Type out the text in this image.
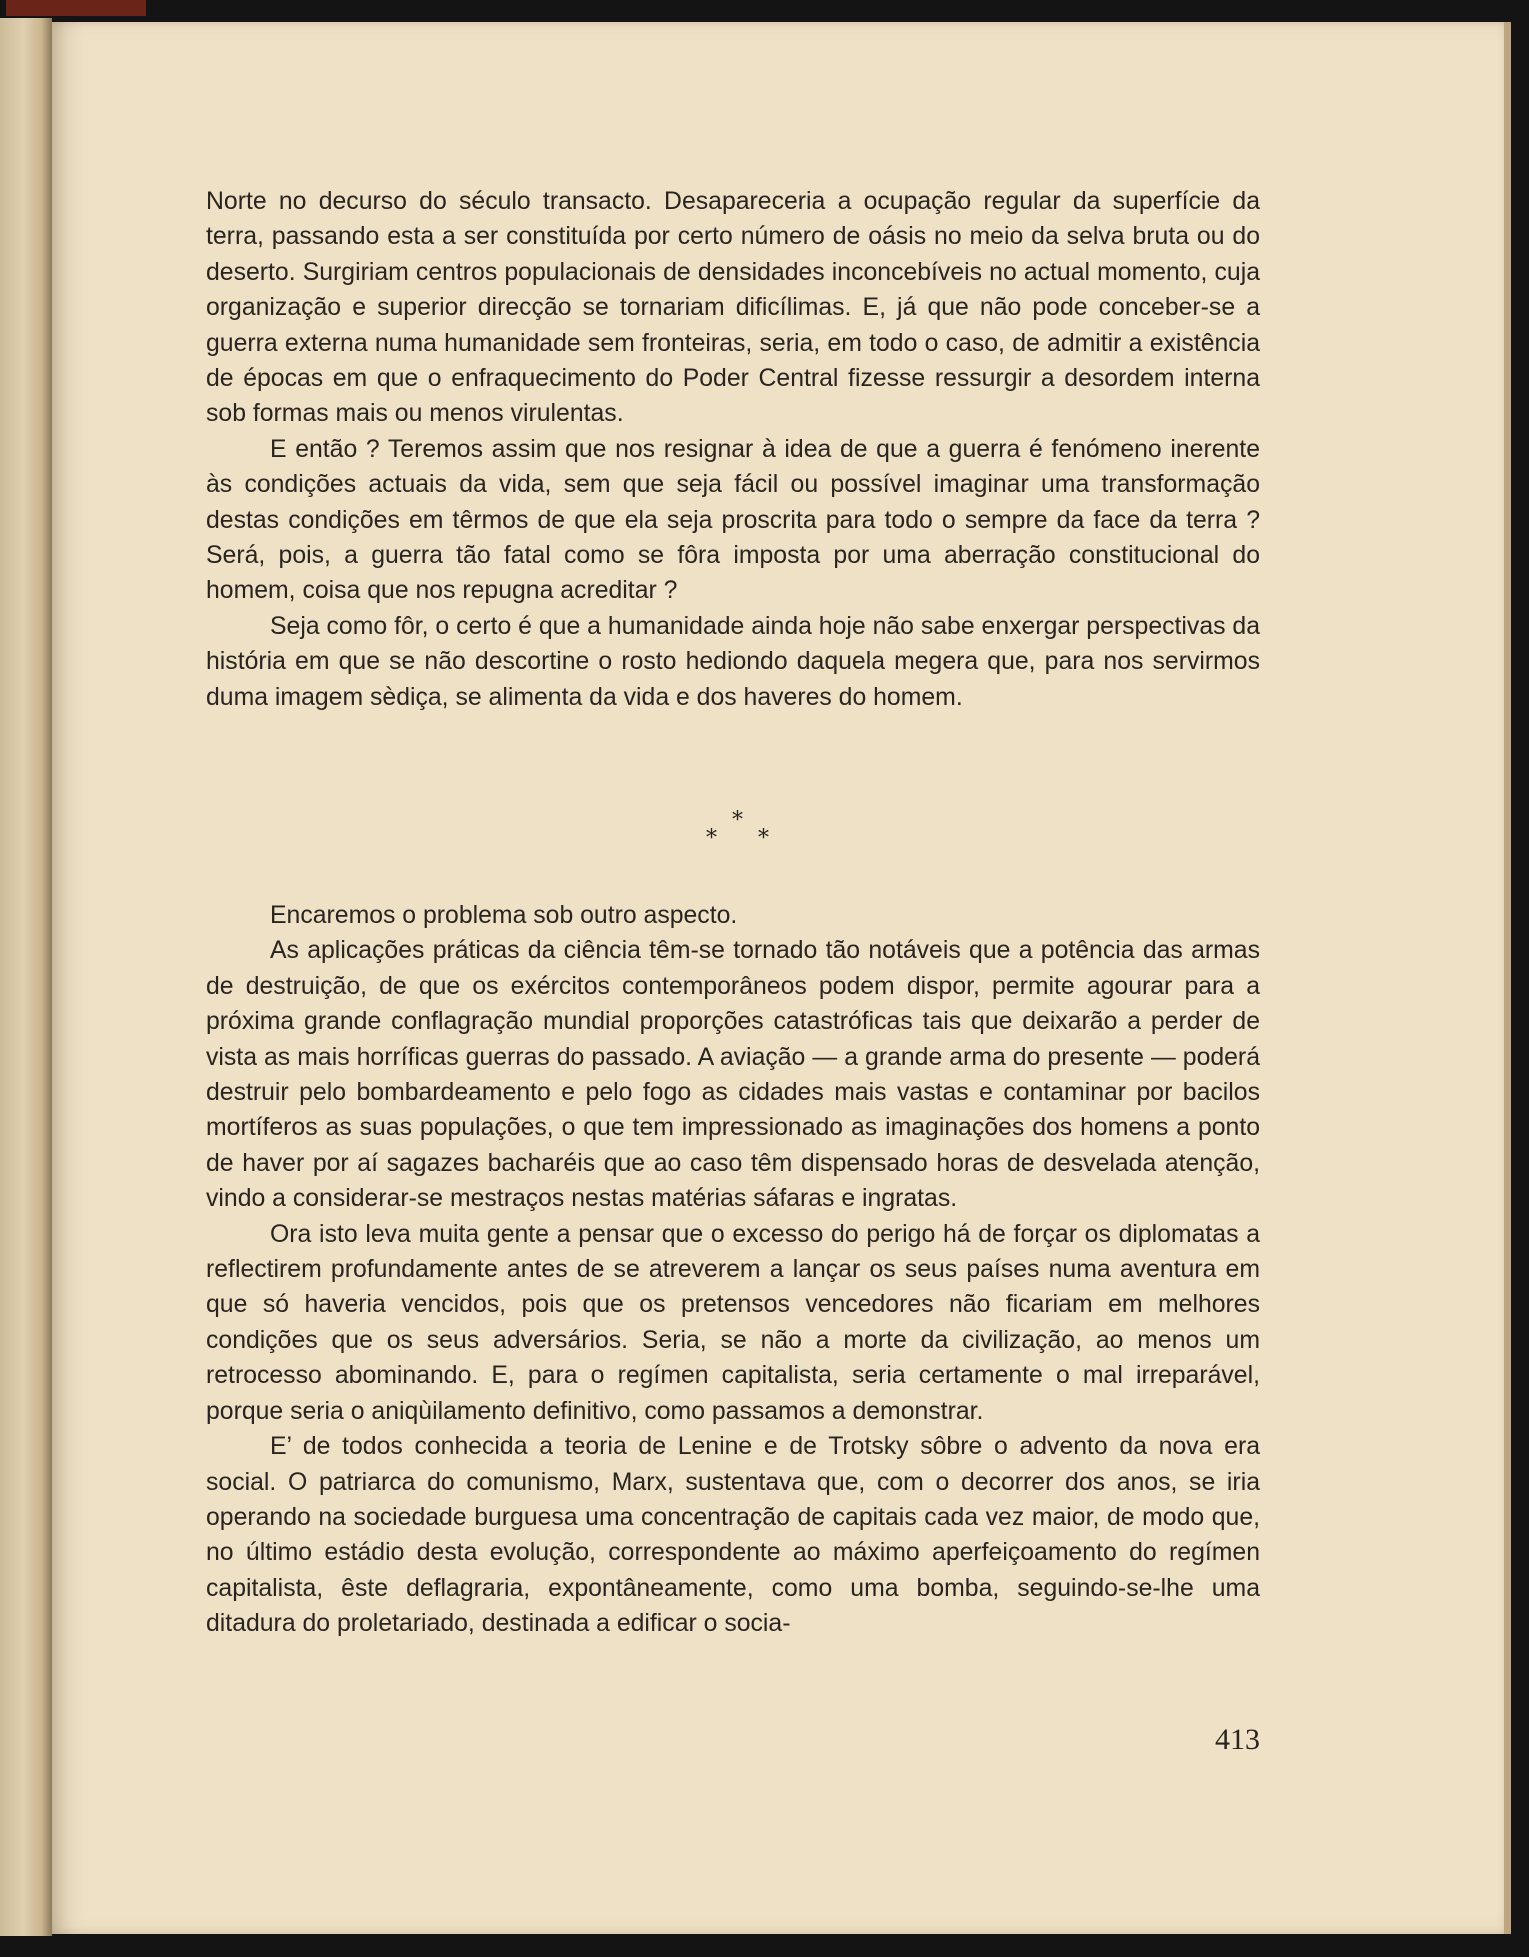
Norte no decurso do século transacto. Desapareceria a ocupação regular da superfície da terra, passando esta a ser constituída por certo número de oásis no meio da selva bruta ou do deserto. Surgiriam centros populacionais de densidades inconcebíveis no actual momento, cuja organização e superior direcção se tornariam dificílimas. E, já que não pode conceber-se a guerra externa numa humanidade sem fronteiras, seria, em todo o caso, de admitir a existência de épocas em que o enfraquecimento do Poder Central fizesse ressurgir a desordem interna sob formas mais ou menos virulentas.

E então ? Teremos assim que nos resignar à idea de que a guerra é fenómeno inerente às condições actuais da vida, sem que seja fácil ou possível imaginar uma transformação destas condições em têrmos de que ela seja proscrita para todo o sempre da face da terra ? Será, pois, a guerra tão fatal como se fôra imposta por uma aberração constitucional do homem, coisa que nos repugna acreditar ?

Seja como fôr, o certo é que a humanidade ainda hoje não sabe enxergar perspectivas da história em que se não descortine o rosto hediondo daquela megera que, para nos servirmos duma imagem sèdiça, se alimenta da vida e dos haveres do homem.

*
* *

Encaremos o problema sob outro aspecto.

As aplicações práticas da ciência têm-se tornado tão notáveis que a potência das armas de destruição, de que os exércitos contemporâneos podem dispor, permite agourar para a próxima grande conflagração mundial proporções catastróficas tais que deixarão a perder de vista as mais horríficas guerras do passado. A aviação — a grande arma do presente — poderá destruir pelo bombardeamento e pelo fogo as cidades mais vastas e contaminar por bacilos mortíferos as suas populações, o que tem impressionado as imaginações dos homens a ponto de haver por aí sagazes bacharéis que ao caso têm dispensado horas de desvelada atenção, vindo a considerar-se mestraços nestas matérias sáfaras e ingratas.

Ora isto leva muita gente a pensar que o excesso do perigo há de forçar os diplomatas a reflectirem profundamente antes de se atreverem a lançar os seus países numa aventura em que só haveria vencidos, pois que os pretensos vencedores não ficariam em melhores condições que os seus adversários. Seria, se não a morte da civilização, ao menos um retrocesso abominando. E, para o regímen capitalista, seria certamente o mal irreparável, porque seria o aniqùilamento definitivo, como passamos a demonstrar.

E’ de todos conhecida a teoria de Lenine e de Trotsky sôbre o advento da nova era social. O patriarca do comunismo, Marx, sustentava que, com o decorrer dos anos, se iria operando na sociedade burguesa uma concentração de capitais cada vez maior, de modo que, no último estádio desta evolução, correspondente ao máximo aperfeiçoamento do regímen capitalista, êste deflagraria, expontâneamente, como uma bomba, seguindo-se-lhe uma ditadura do proletariado, destinada a edificar o socia-

413
